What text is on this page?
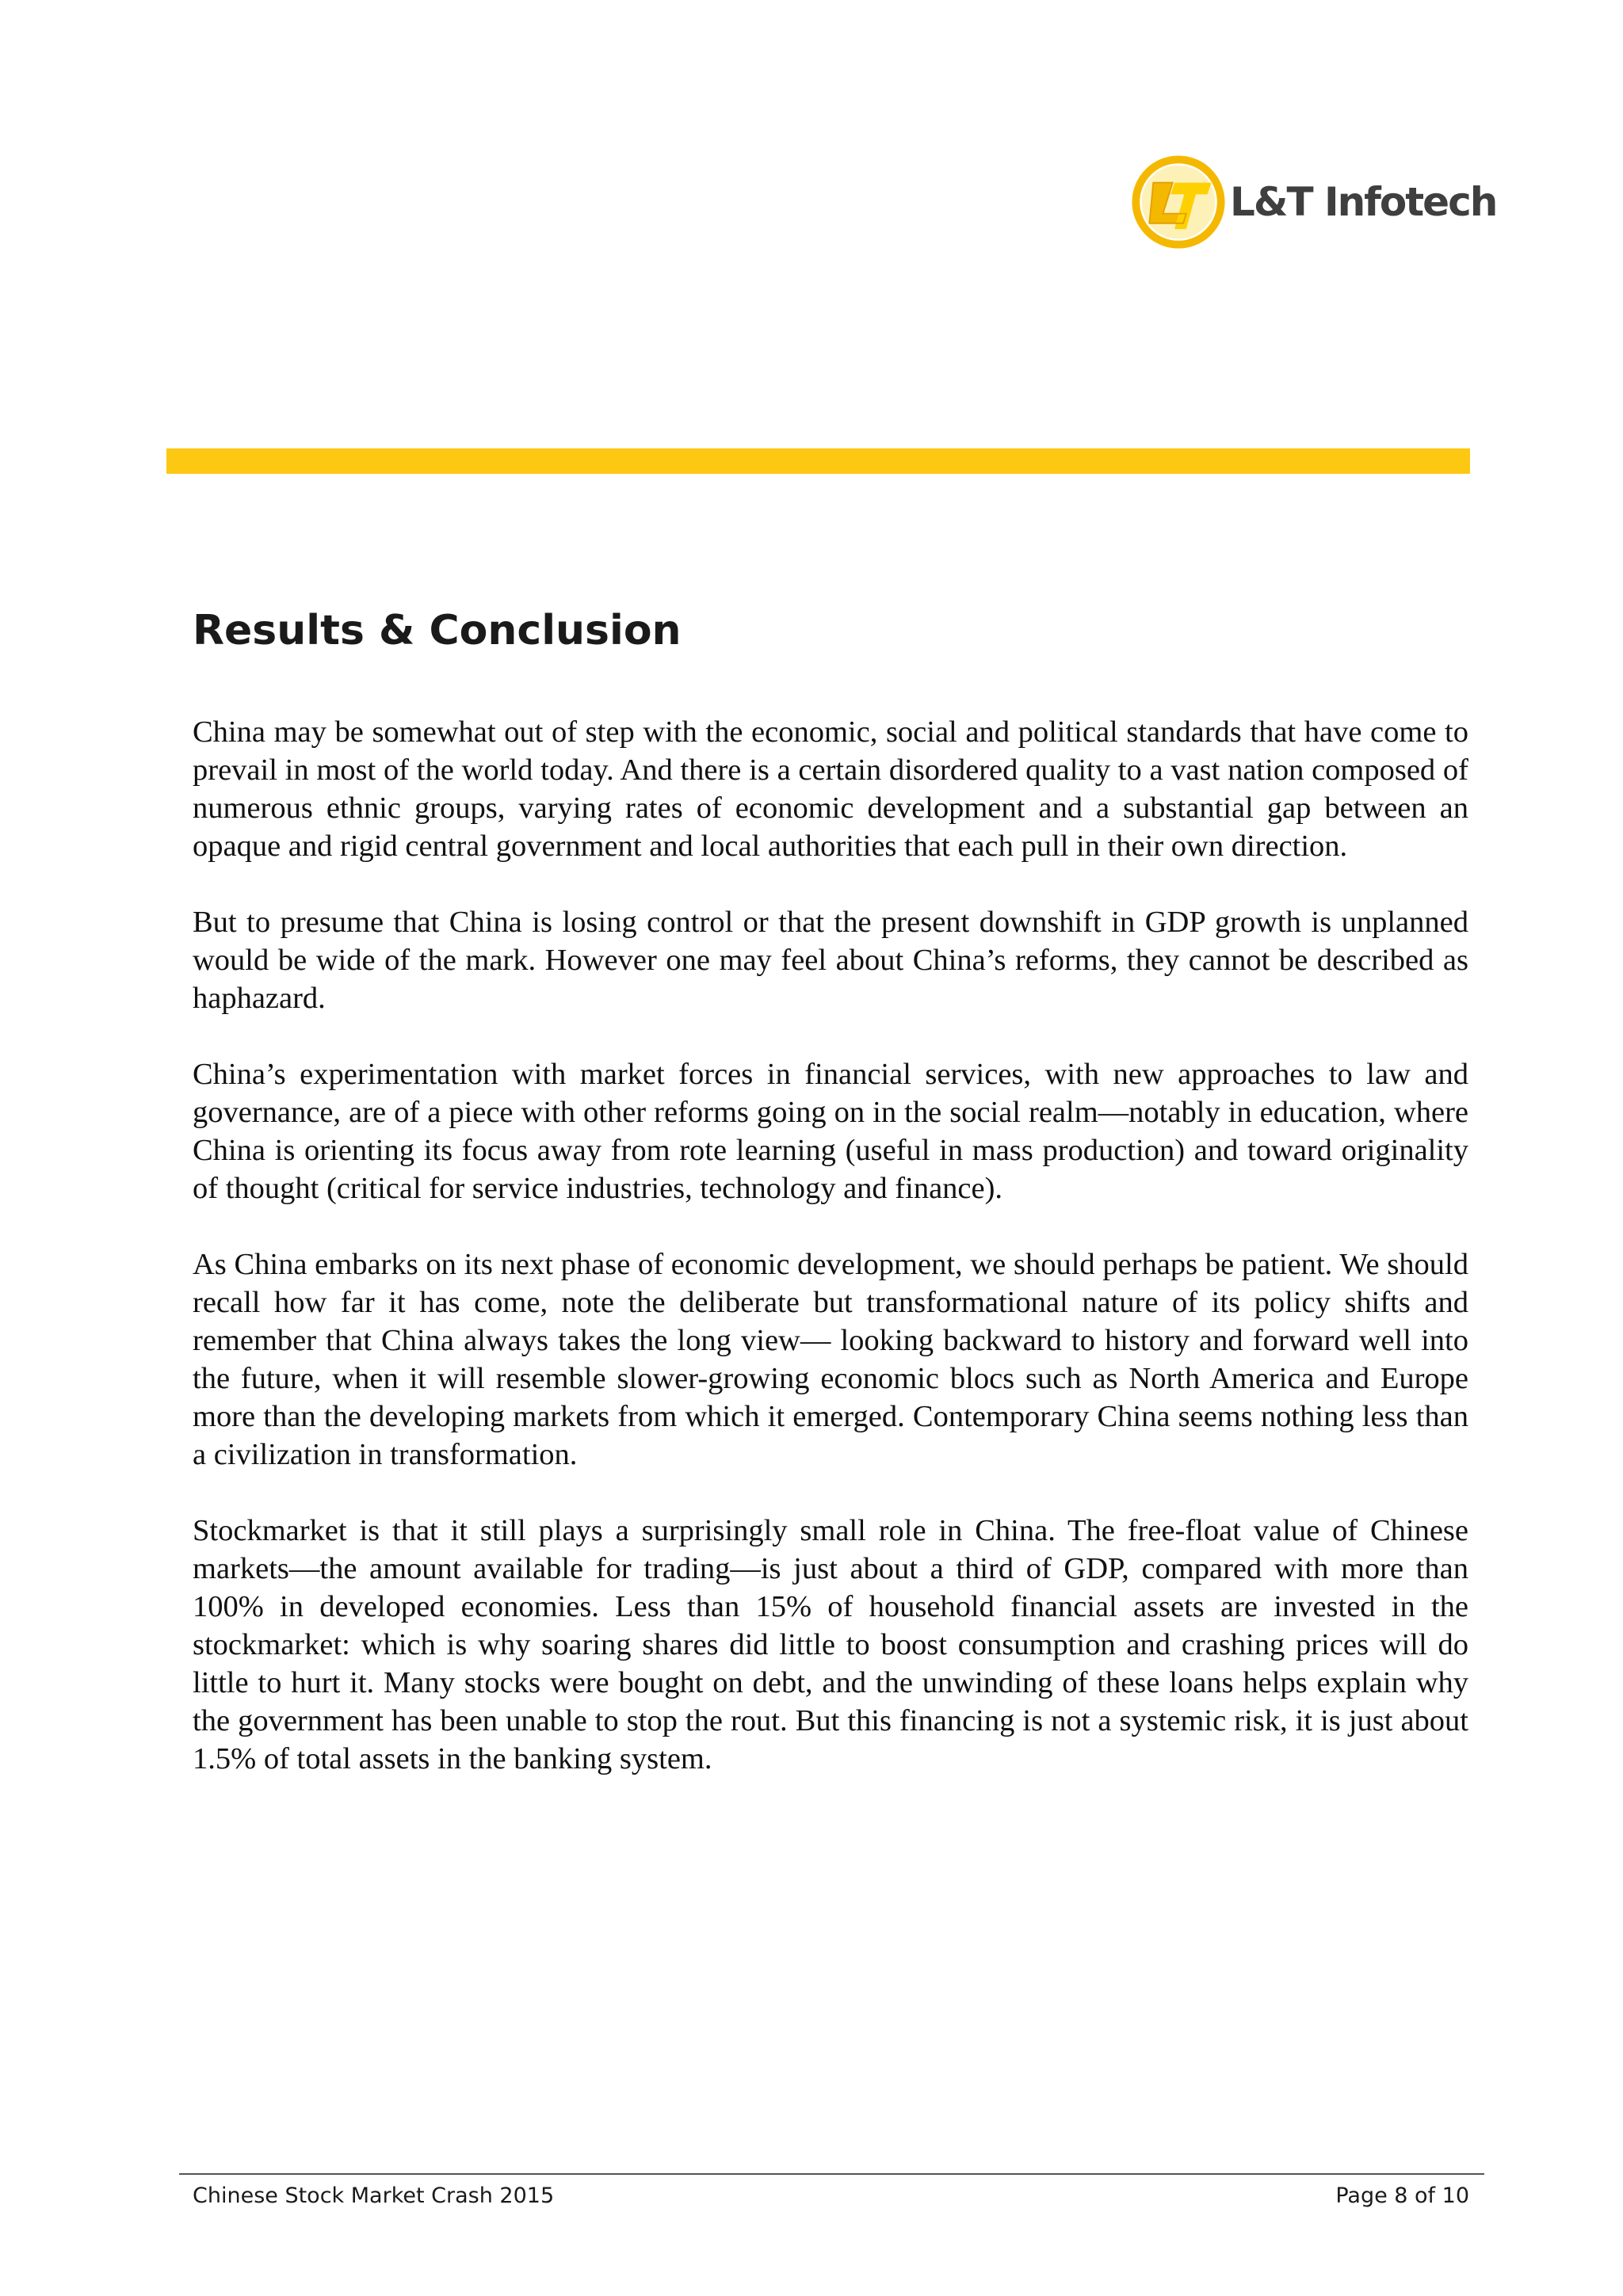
L&T Infotech
Results & Conclusion

China may be somewhat out of step with the economic, social and political standards that have come to prevail in most of the world today. And there is a certain disordered quality to a vast nation composed of numerous ethnic groups, varying rates of economic development and a substantial gap between an opaque and rigid central government and local authorities that each pull in their own direction.

But to presume that China is losing control or that the present downshift in GDP growth is unplanned would be wide of the mark. However one may feel about China’s reforms, they cannot be described as haphazard.

China’s experimentation with market forces in financial services, with new approaches to law and governance, are of a piece with other reforms going on in the social realm—notably in education, where China is orienting its focus away from rote learning (useful in mass production) and toward originality of thought (critical for service industries, technology and finance).

As China embarks on its next phase of economic development, we should perhaps be patient. We should recall how far it has come, note the deliberate but transformational nature of its policy shifts and remember that China always takes the long view— looking backward to history and forward well into the future, when it will resemble slower-growing economic blocs such as North America and Europe more than the developing markets from which it emerged. Contemporary China seems nothing less than a civilization in transformation.

Stockmarket is that it still plays a surprisingly small role in China. The free-float value of Chinese markets—the amount available for trading—is just about a third of GDP, compared with more than 100% in developed economies. Less than 15% of household financial assets are invested in the stockmarket: which is why soaring shares did little to boost consumption and crashing prices will do little to hurt it. Many stocks were bought on debt, and the unwinding of these loans helps explain why the government has been unable to stop the rout. But this financing is not a systemic risk, it is just about 1.5% of total assets in the banking system.

Chinese Stock Market Crash 2015	Page 8 of 10
